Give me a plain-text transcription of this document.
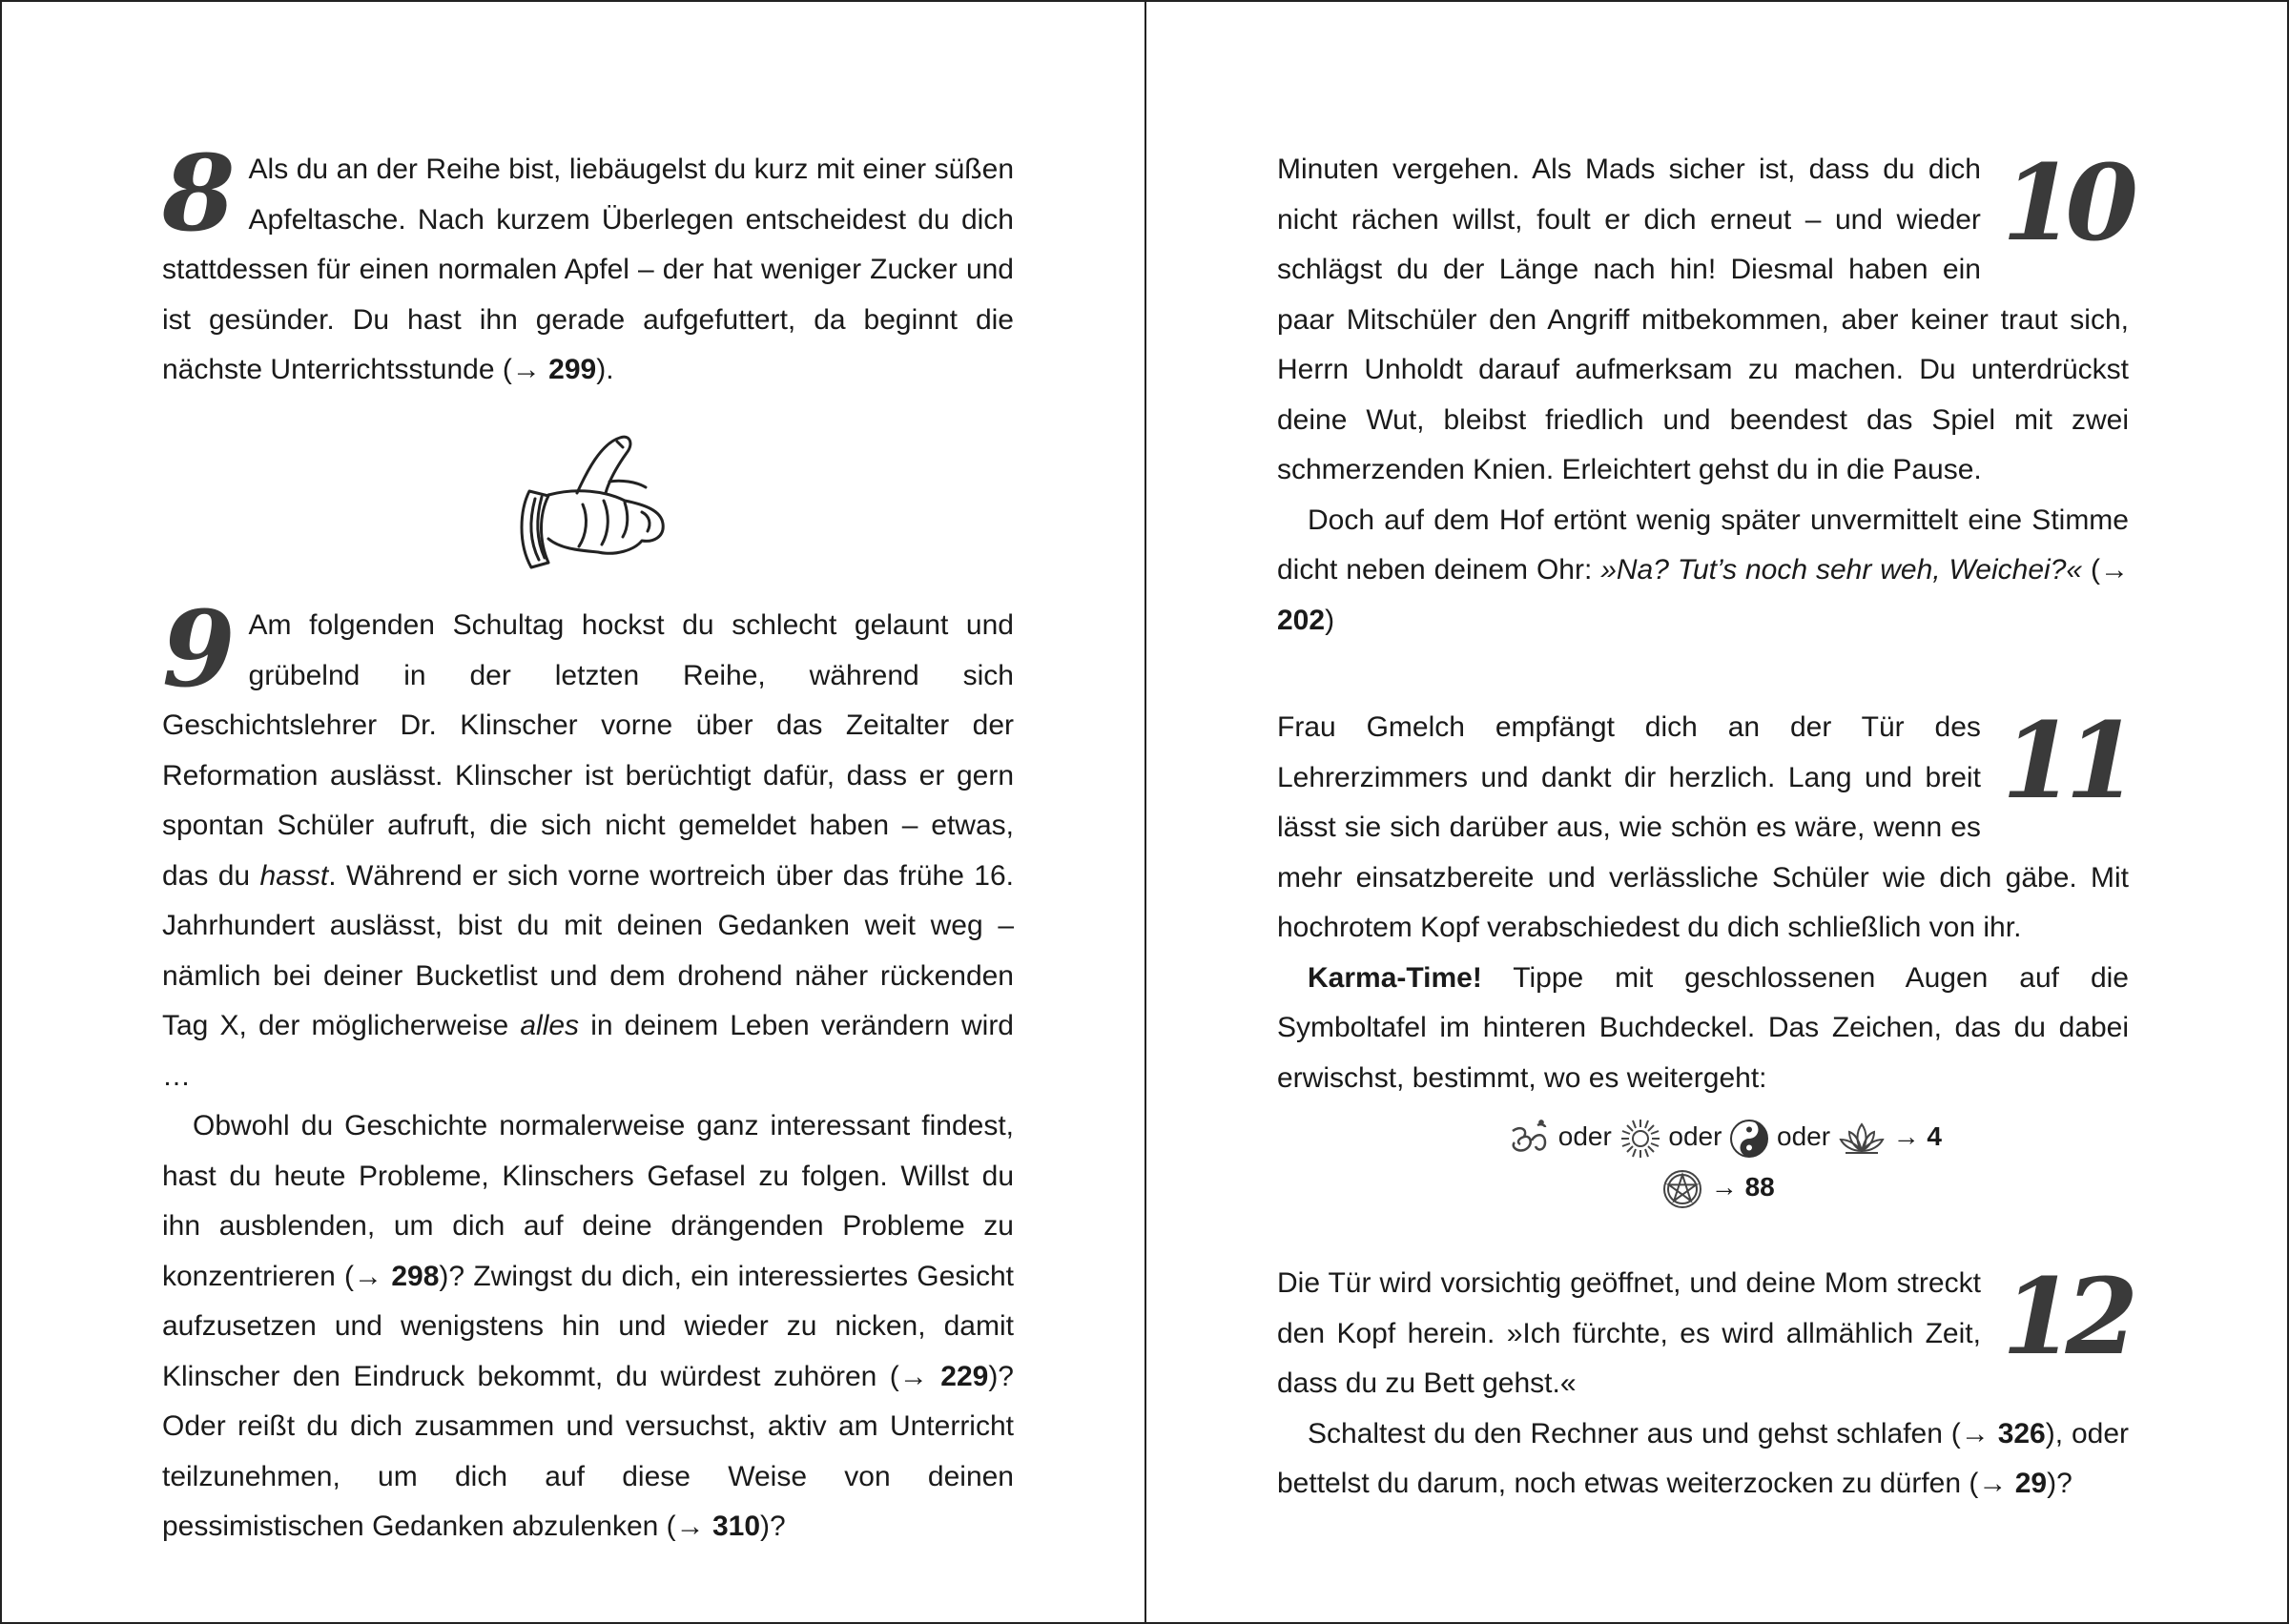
8 Als du an der Reihe bist, liebäugelst du kurz mit einer süßen Apfeltasche. Nach kurzem Überlegen entscheidest du dich stattdessen für einen normalen Apfel – der hat weniger Zucker und ist gesünder. Du hast ihn gerade aufgefuttert, da beginnt die nächste Unterrichtsstunde (→ 299).

9 Am folgenden Schultag hockst du schlecht gelaunt und grübelnd in der letzten Reihe, während sich Geschichtslehrer Dr. Klinscher vorne über das Zeitalter der Reformation auslässt. Klinscher ist berüchtigt dafür, dass er gern spontan Schüler aufruft, die sich nicht gemeldet haben – etwas, das du hasst. Während er sich vorne wortreich über das frühe 16. Jahrhundert auslässt, bist du mit deinen Gedanken weit weg – nämlich bei deiner Bucketlist und dem drohend näher rückenden Tag X, der möglicherweise alles in deinem Leben verändern wird …

Obwohl du Geschichte normalerweise ganz interessant findest, hast du heute Probleme, Klinschers Gefasel zu folgen. Willst du ihn ausblenden, um dich auf deine drängenden Probleme zu konzentrieren (→ 298)? Zwingst du dich, ein interessiertes Gesicht aufzusetzen und wenigstens hin und wieder zu nicken, damit Klinscher den Eindruck bekommt, du würdest zuhören (→ 229)? Oder reißt du dich zusammen und versuchst, aktiv am Unterricht teilzunehmen, um dich auf diese Weise von deinen pessimistischen Gedanken abzulenken (→ 310)?

10

Minuten vergehen. Als Mads sicher ist, dass du dich nicht rächen willst, foult er dich erneut – und wieder schlägst du der Länge nach hin! Diesmal haben ein paar Mitschüler den Angriff mitbekommen, aber keiner traut sich, Herrn Unholdt darauf aufmerksam zu machen. Du unterdrückst deine Wut, bleibst friedlich und beendest das Spiel mit zwei schmerzenden Knien. Erleichtert gehst du in die Pause.

Doch auf dem Hof ertönt wenig später unvermittelt eine Stimme dicht neben deinem Ohr: »Na? Tut’s noch sehr weh, Weichei?« (→ 202)

11

Frau Gmelch empfängt dich an der Tür des Lehrerzimmers und dankt dir herzlich. Lang und breit lässt sie sich darüber aus, wie schön es wäre, wenn es mehr einsatzbereite und verlässliche Schüler wie dich gäbe. Mit hochrotem Kopf verabschiedest du dich schließlich von ihr.

Karma-Time! Tippe mit geschlossenen Augen auf die Symboltafel im hinteren Buchdeckel. Das Zeichen, das du dabei erwischst, bestimmt, wo es weitergeht:

oder oder oder → 4
→ 88
12

Die Tür wird vorsichtig geöffnet, und deine Mom streckt den Kopf herein. »Ich fürchte, es wird allmählich Zeit, dass du zu Bett gehst.«

Schaltest du den Rechner aus und gehst schlafen (→ 326), oder bettelst du darum, noch etwas weiterzocken zu dürfen (→ 29)?
